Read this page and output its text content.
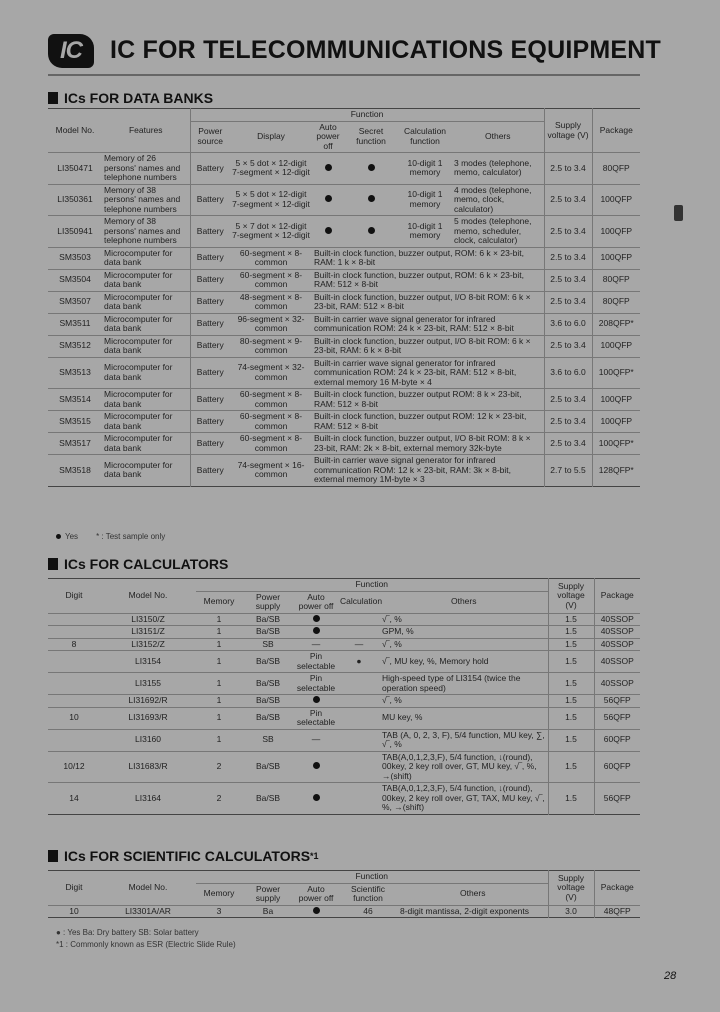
IC	IC FOR TELECOMMUNICATIONS EQUIPMENT
ICs FOR DATA BANKS
Model No.	Features	Function						Supply voltage (V)	Package
		Power source	Display	Auto power off	Secret function	Calculation function	Others		
LI350471	Memory of 26 persons' names and telephone numbers	Battery	5 × 5 dot × 12-digit 7-segment × 12-digit			10-digit 1 memory	3 modes (telephone, memo, calculator)	2.5 to 3.4	80QFP
LI350361	Memory of 38 persons' names and telephone numbers	Battery	5 × 5 dot × 12-digit 7-segment × 12-digit			10-digit 1 memory	4 modes (telephone, memo, clock, calculator)	2.5 to 3.4	100QFP
LI350941	Memory of 38 persons' names and telephone numbers	Battery	5 × 7 dot × 12-digit 7-segment × 12-digit			10-digit 1 memory	5 modes (telephone, memo, scheduler, clock, calculator)	2.5 to 3.4	100QFP
SM3503	Microcomputer for data bank	Battery	60-segment × 8-common	Built-in clock function, buzzer output, ROM: 6 k × 23-bit, RAM: 1 k × 8-bit				2.5 to 3.4	100QFP
SM3504	Microcomputer for data bank	Battery	60-segment × 8-common	Built-in clock function, buzzer output, ROM: 6 k × 23-bit, RAM: 512 × 8-bit				2.5 to 3.4	80QFP
SM3507	Microcomputer for data bank	Battery	48-segment × 8-common	Built-in clock function, buzzer output, I/O 8-bit ROM: 6 k × 23-bit, RAM: 512 × 8-bit				2.5 to 3.4	80QFP
SM3511	Microcomputer for data bank	Battery	96-segment × 32-common	Built-in carrier wave signal generator for infrared communication ROM: 24 k × 23-bit, RAM: 512 × 8-bit				3.6 to 6.0	208QFP*
SM3512	Microcomputer for data bank	Battery	80-segment × 9-common	Built-in clock function, buzzer output, I/O 8-bit ROM: 6 k × 23-bit, RAM: 6 k × 8-bit				2.5 to 3.4	100QFP
SM3513	Microcomputer for data bank	Battery	74-segment × 32-common	Built-in carrier wave signal generator for infrared communication ROM: 24 k × 23-bit, RAM: 512 × 8-bit, external memory 16 M-byte × 4				3.6 to 6.0	100QFP*
SM3514	Microcomputer for data bank	Battery	60-segment × 8-common	Built-in clock function, buzzer output ROM: 8 k × 23-bit, RAM: 512 × 8-bit				2.5 to 3.4	100QFP
SM3515	Microcomputer for data bank	Battery	60-segment × 8-common	Built-in clock function, buzzer output ROM: 12 k × 23-bit, RAM: 512 × 8-bit				2.5 to 3.4	100QFP
SM3517	Microcomputer for data bank	Battery	60-segment × 8-common	Built-in clock function, buzzer output, I/O 8-bit ROM: 8 k × 23-bit, RAM: 2k × 8-bit, external memory 32k-byte				2.5 to 3.4	100QFP*
SM3518	Microcomputer for data bank	Battery	74-segment × 16-common	Built-in carrier wave signal generator for infrared communication ROM: 12 k × 23-bit, RAM: 3k × 8-bit, external memory 1M-byte × 3				2.7 to 5.5	128QFP*
Yes * : Test sample only
ICs FOR CALCULATORS
Digit	Model No.	Function					Supply voltage (V)	Package
		Memory	Power supply	Auto power off	Calculation	Others		
	LI3150/Z	1	Ba/SB			√‾, %	1.5	40SSOP
	LI3151/Z	1	Ba/SB			GPM, %	1.5	40SSOP
8	LI3152/Z	1	SB	—	—	√‾, %	1.5	40SSOP
	LI3154	1	Ba/SB	Pin selectable	●	√‾, MU key, %, Memory hold	1.5	40SSOP
	LI3155	1	Ba/SB	Pin selectable		High-speed type of LI3154 (twice the operation speed)	1.5	40SSOP
	LI31692/R	1	Ba/SB			√‾, %	1.5	56QFP
10	LI31693/R	1	Ba/SB	Pin selectable		MU key, %	1.5	56QFP
	LI3160	1	SB	—		TAB (A, 0, 2, 3, F), 5/4 function, MU key, ∑, √‾, %	1.5	60QFP
10/12	LI31683/R	2	Ba/SB			TAB(A,0,1,2,3,F), 5/4 function, ↓(round), 00key, 2 key roll over, GT, MU key, √‾, %, →(shift)	1.5	60QFP
14	LI3164	2	Ba/SB			TAB(A,0,1,2,3,F), 5/4 function, ↓(round), 00key, 2 key roll over, GT, TAX, MU key, √‾, %, →(shift)	1.5	56QFP
ICs FOR SCIENTIFIC CALCULATORS *1
Digit	Model No.	Function					Supply voltage (V)	Package
		Memory	Power supply	Auto power off	Scientific function	Others		
10	LI3301A/AR	3	Ba		46	8-digit mantissa, 2-digit exponents	3.0	48QFP
● : Yes Ba: Dry battery SB: Solar battery
*1 : Commonly known as ESR (Electric Slide Rule)
28
